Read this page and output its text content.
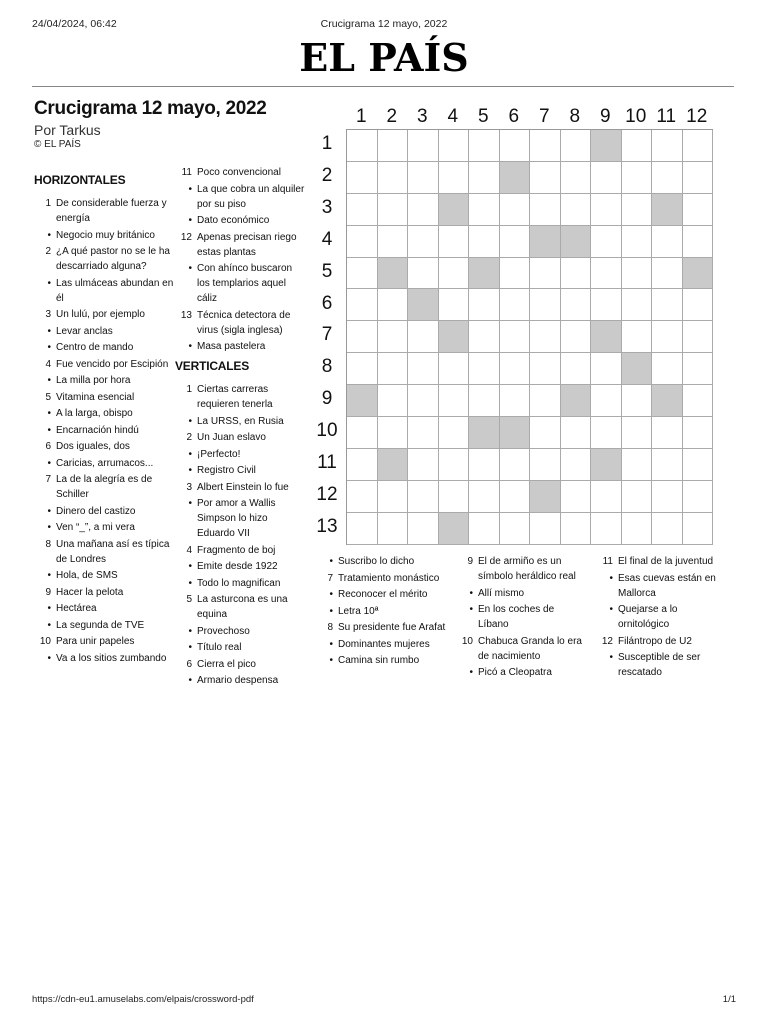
24/04/2024, 06:42	Crucigrama 12 mayo, 2022
EL PAÍS
Crucigrama 12 mayo, 2022
Por Tarkus
© EL PAÍS
HORIZONTALES
1 De considerable fuerza y energía
• Negocio muy británico
2 ¿A qué pastor no se le ha descarriado alguna?
• Las ulmáceas abundan en él
3 Un lulú, por ejemplo
• Levar anclas
• Centro de mando
4 Fue vencido por Escipión
• La milla por hora
5 Vitamina esencial
• A la larga, obispo
• Encarnación hindú
6 Dos iguales, dos
• Caricias, arrumacos...
7 La de la alegría es de Schiller
• Dinero del castizo
• Ven “_”, a mi vera
8 Una mañana así es típica de Londres
• Hola, de SMS
9 Hacer la pelota
• Hectárea
• La segunda de TVE
10 Para unir papeles
• Va a los sitios zumbando
11 Poco convencional
• La que cobra un alquiler por su piso
• Dato económico
12 Apenas precisan riego estas plantas
• Con ahínco buscaron los templarios aquel cáliz
13 Técnica detectora de virus (sigla inglesa)
• Masa pastelera
VERTICALES
1 Ciertas carreras requieren tenerla
• La URSS, en Rusia
2 Un Juan eslavo
• ¡Perfecto!
• Registro Civil
3 Albert Einstein lo fue
• Por amor a Wallis Simpson lo hizo Eduardo VII
4 Fragmento de boj
• Emite desde 1922
• Todo lo magnifican
5 La asturcona es una equina
• Provechoso
• Título real
6 Cierra el pico
• Armario despensa
• Suscribo lo dicho
7 Tratamiento monástico
• Reconocer el mérito
• Letra 10ª
8 Su presidente fue Arafat
• Dominantes mujeres
• Camina sin rumbo
9 El de armiño es un símbolo heráldico real
• Allí mismo
• En los coches de Líbano
10 Chabuca Granda lo era de nacimiento
• Picó a Cleopatra
11 El final de la juventud
• Esas cuevas están en Mallorca
• Quejarse a lo ornitológico
12 Filántropo de U2
• Susceptible de ser rescatado
1	2	3	4	5	6	7	8	9 10 11 12
1
2
3
4
5
6
7
8
9
10
11
12
13
https://cdn-eu1.amuselabs.com/elpais/crossword-pdf	1/1
